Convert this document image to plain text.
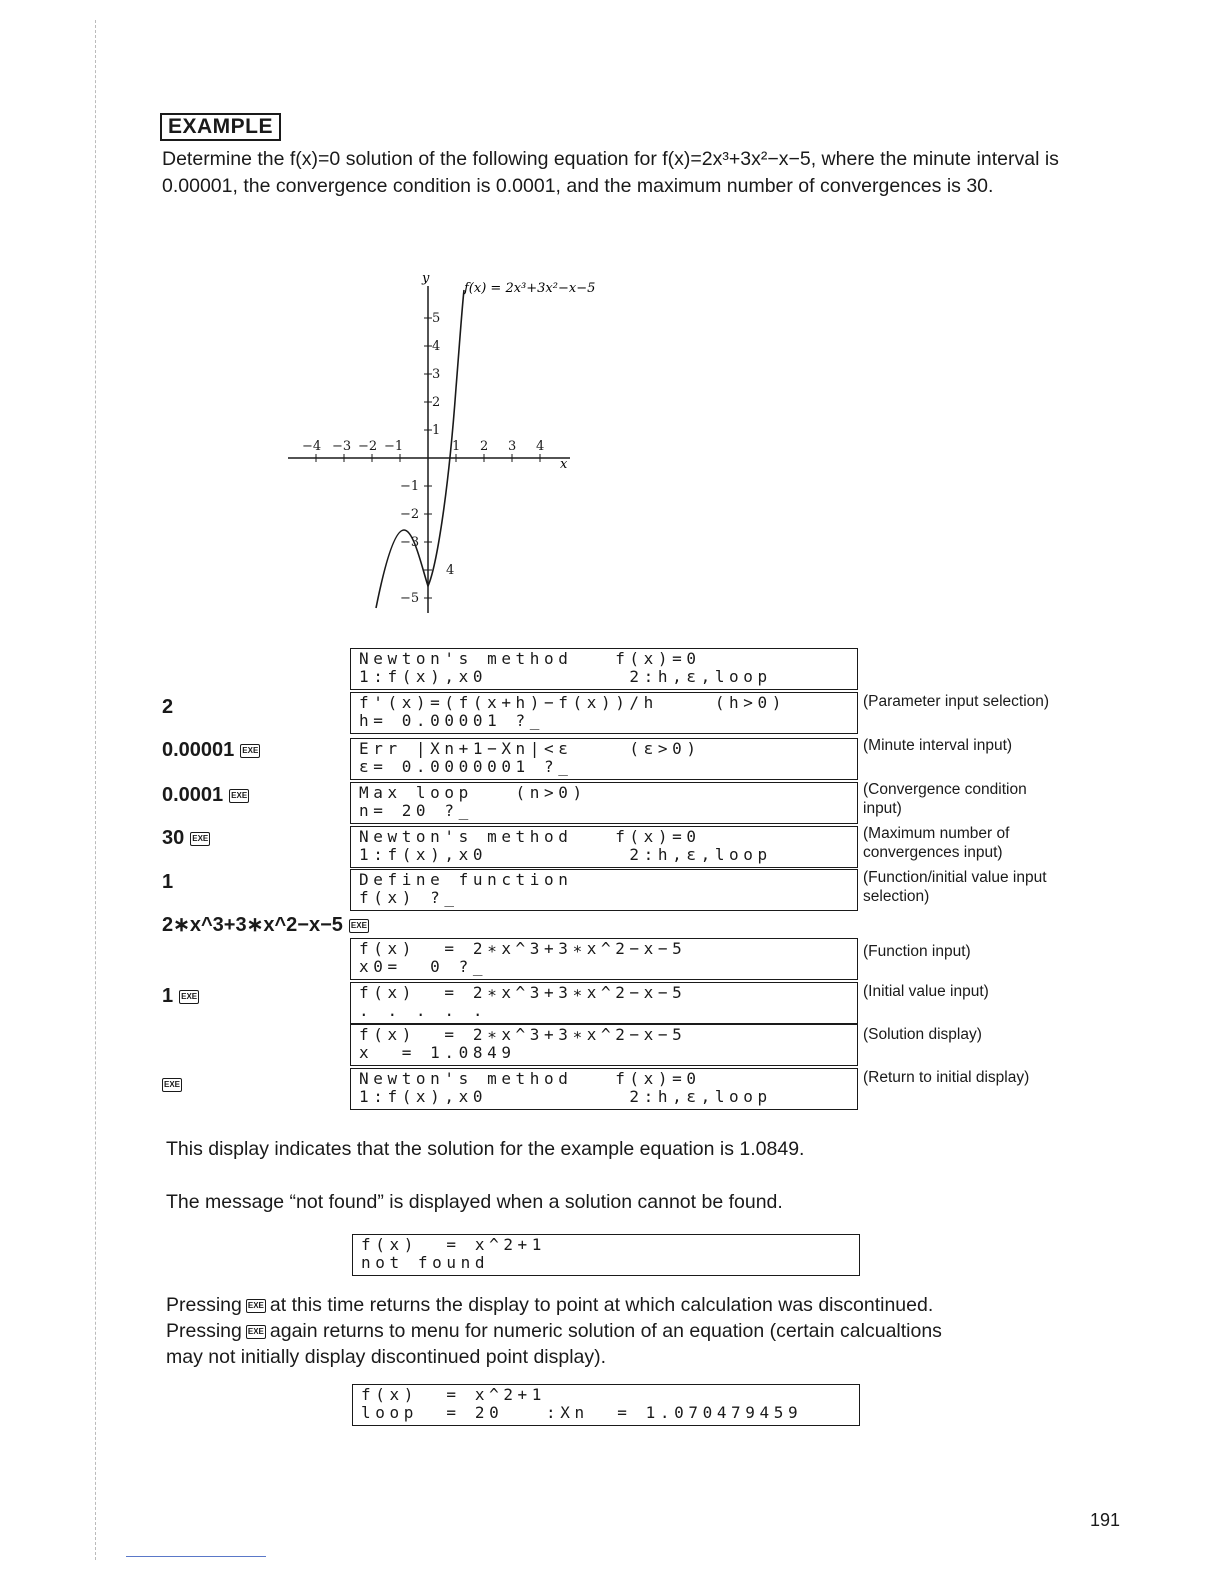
EXAMPLE
Determine the f(x)=0 solution of the following equation for f(x)=2x³+3x²−x−5, where the minute interval is 0.00001, the convergence condition is 0.0001, and the maximum number of convergences is 30.
y
f(x) = 2x³+3x²−x−5
x
−4 −3 −2 −1	1 2 3 4
1
2
3
4
5
−1
−2
−3
4
−5
2
0.00001 EXE
0.0001 EXE
30 EXE
1
2∗x^3+3∗x^2−x−5 EXE
1 EXE
EXE
Newton's method   f(x)=0
1:f(x),x0          2:h,ε,loop
f'(x)=(f(x+h)−f(x))/h    (h>0)
h= 0.00001 ?_
Err |Xn+1−Xn|<ε    (ε>0)
ε= 0.0000001 ?_
Max loop   (n>0)
n= 20 ?_
Newton's method   f(x)=0
1:f(x),x0          2:h,ε,loop
Define function
f(x) ?_
f(x)  = 2∗x^3+3∗x^2−x−5
x0=  0 ?_
f(x)  = 2∗x^3+3∗x^2−x−5
. . . . .
f(x)  = 2∗x^3+3∗x^2−x−5
x  = 1.0849
Newton's method   f(x)=0
1:f(x),x0          2:h,ε,loop
(Parameter input selection)
(Minute interval input)
(Convergence condition input)
(Maximum number of convergences input)
(Function/initial value input selection)
(Function input)
(Initial value input)
(Solution display)
(Return to initial display)
This display indicates that the solution for the example equation is 1.0849.
The message “not found” is displayed when a solution cannot be found.
f(x)  = x^2+1
not found
Pressing EXE at this time returns the display to point at which calculation was discontinued.
Pressing EXE again returns to menu for numeric solution of an equation (certain calcualtions
may not initially display discontinued point display).
f(x)  = x^2+1
loop  = 20   :Xn  = 1.070479459
191
